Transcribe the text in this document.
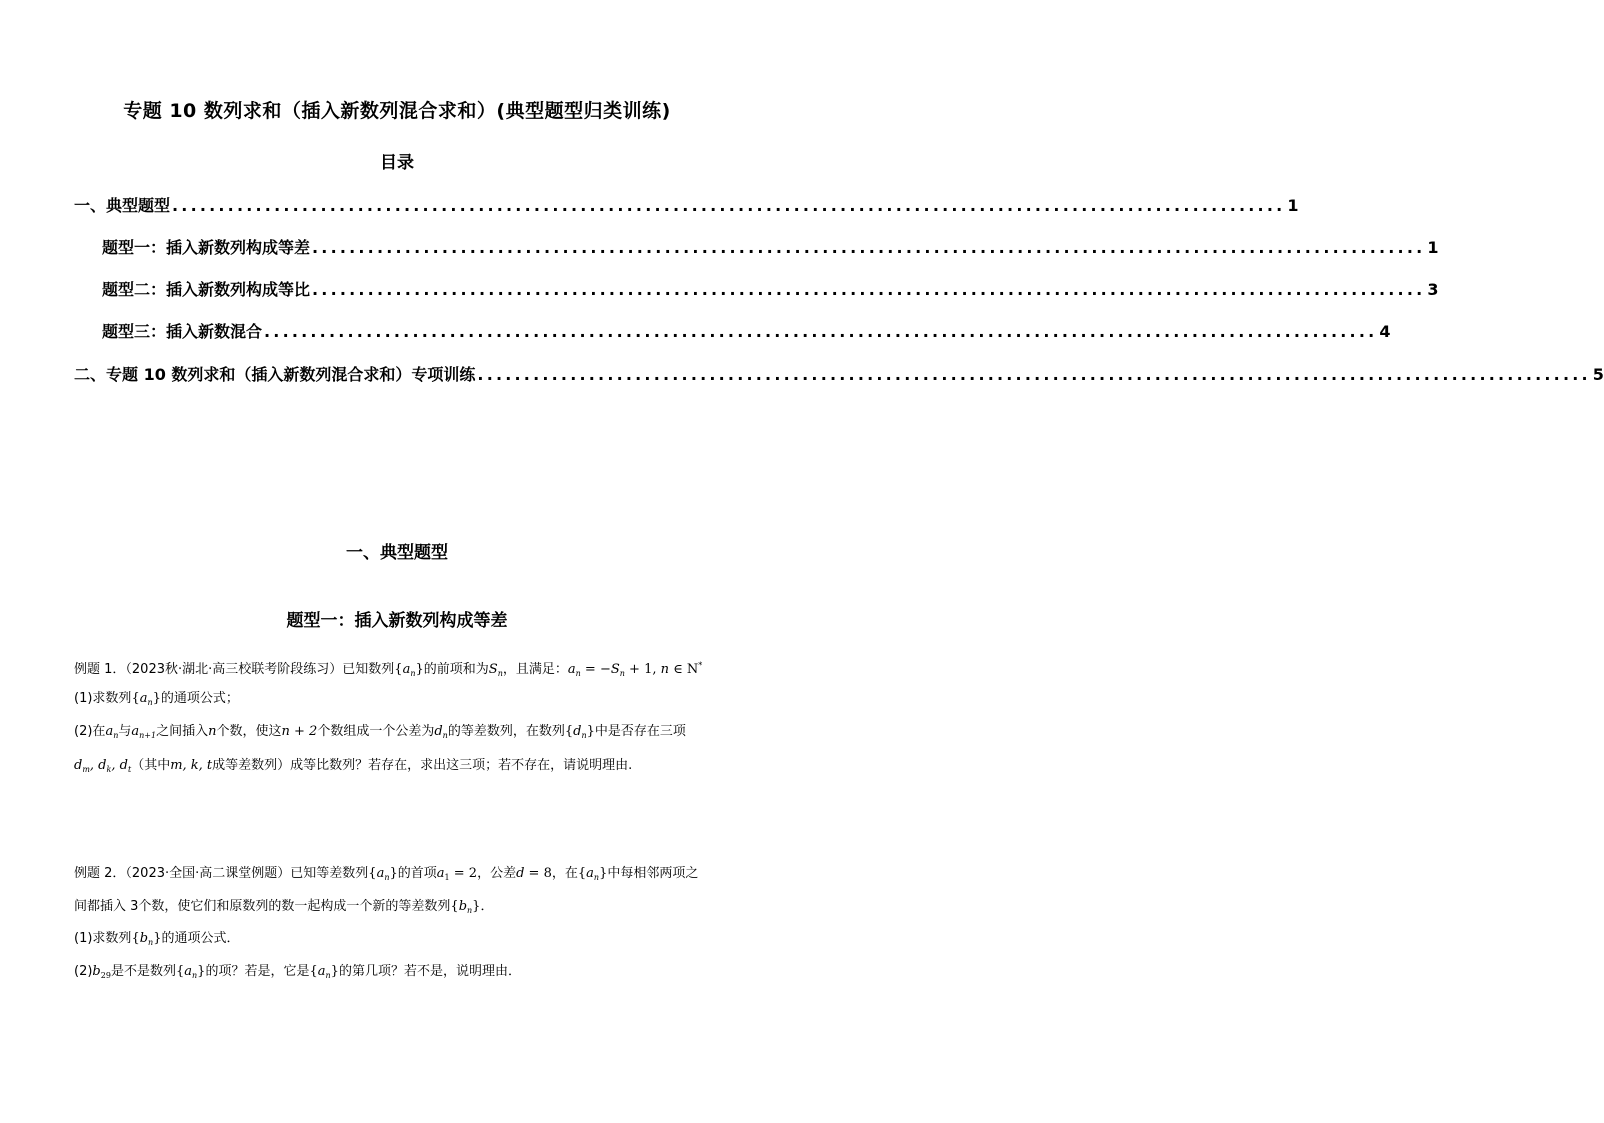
专题 10 数列求和（插入新数列混合求和）(典型题型归类训练)
目录
一、典型题型 ........................................................................................................................ 1
题型一：插入新数列构成等差 ........................................................................................................................ 1
题型二：插入新数列构成等比 ........................................................................................................................ 3
题型三：插入新数混合 ........................................................................................................................ 4
二、专题 10 数列求和（插入新数列混合求和）专项训练 ........................................................................................................................ 5
一、典型题型
题型一：插入新数列构成等差
例题 1．（2023秋·湖北·高三校联考阶段练习）已知数列$\{a_n\}$的前项和为$S_n$，且满足：$a_n = -S_n + 1$, n ∈ N*
(1)求数列$\{a_n\}$的通项公式；
(2)在$a_n$与$a_{n+1}$之间插入n个数，使这n + 2个数组成一个公差为$d_n$的等差数列，在数列$\{d_n\}$中是否存在三项
$d_m$, $d_k$, $d_t$（其中m, k, t成等差数列）成等比数列？若存在，求出这三项；若不存在，请说明理由.
例题 2．（2023·全国·高二课堂例题）已知等差数列$\{a_n\}$的首项$a_1 = 2$，公差d = 8，在$\{a_n\}$中每相邻两项之
间都插入 3个数，使它们和原数列的数一起构成一个新的等差数列$\{b_n\}$．
(1)求数列$\{b_n\}$的通项公式．
$(2)b_{29}$是不是数列$\{a_n\}$的项？若是，它是$\{a_n\}$的第几项？若不是，说明理由．
